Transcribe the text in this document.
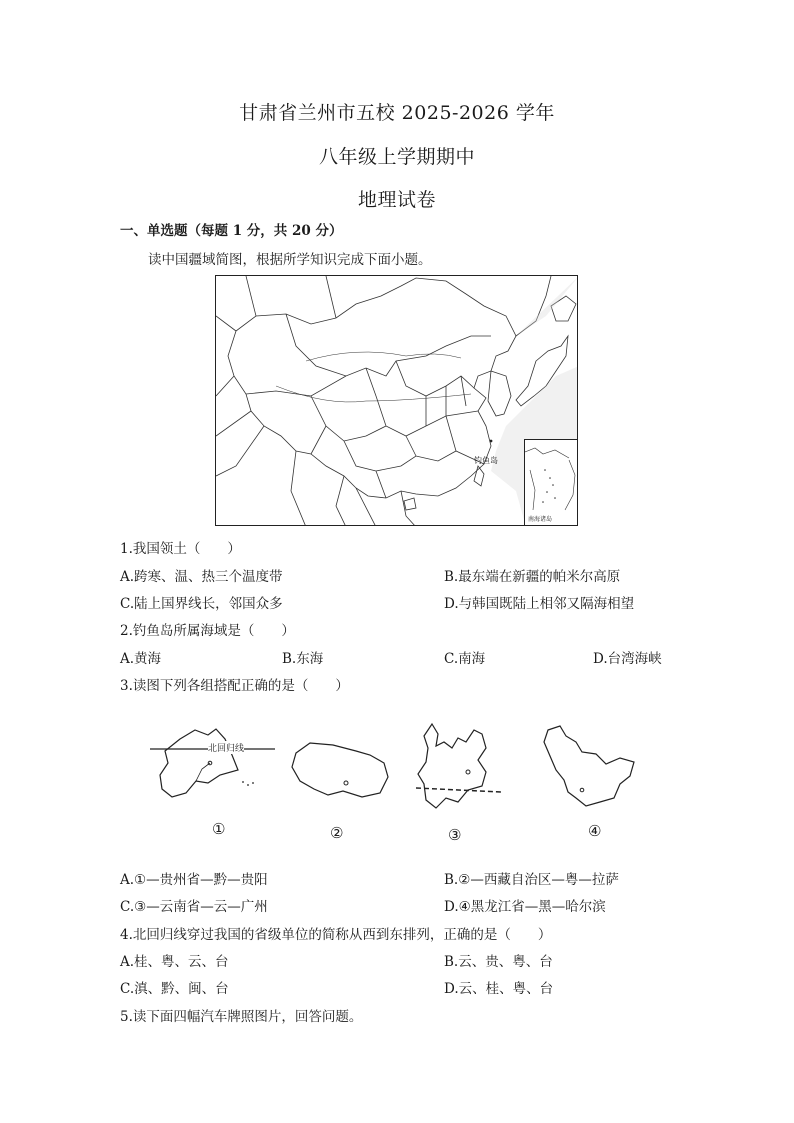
甘肃省兰州市五校 2025-2026 学年
八年级上学期期中
地理试卷
一、单选题（每题 1 分，共 20 分）
读中国疆域简图，根据所学知识完成下面小题。
钓鱼岛
南海诸岛
1.我国领土（　　）
A.跨寒、温、热三个温度带	B.最东端在新疆的帕米尔高原
C.陆上国界线长，邻国众多	D.与韩国既陆上相邻又隔海相望
2.钓鱼岛所属海域是（　　）
A.黄海	B.东海	C.南海	D.台湾海峡
3.读图下列各组搭配正确的是（　　）
北回归线
①	②	③	④
A.①—贵州省—黔—贵阳	B.②—西藏自治区—粤—拉萨
C.③—云南省—云—广州	D.④黑龙江省—黑—哈尔滨
4.北回归线穿过我国的省级单位的简称从西到东排列，正确的是（　　）
A.桂、粤、云、台	B.云、贵、粤、台
C.滇、黔、闽、台	D.云、桂、粤、台
5.读下面四幅汽车牌照图片，回答问题。
